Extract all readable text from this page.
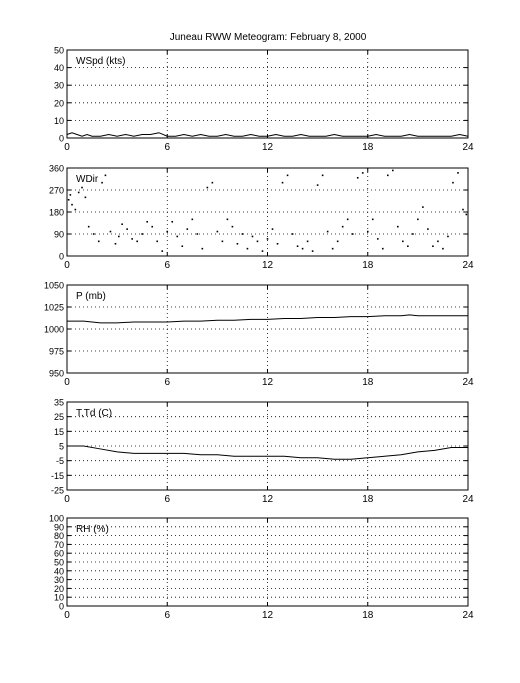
Juneau RWW Meteogram: February 8, 2000
0	6	12	18	24
0
10
20
30
40
50
WSpd (kts)
0	6	12	18	24
0
90
180
270
360
WDir
0	6	12	18	24
950
975
1000
1025
1050
P (mb)
0	6	12	18	24
-25
-15
-5
5
15
25
35
T,Td (C)
0	6	12	18	24
0
10
20
30
40
50
60
70
80
90
100
RH (%)
